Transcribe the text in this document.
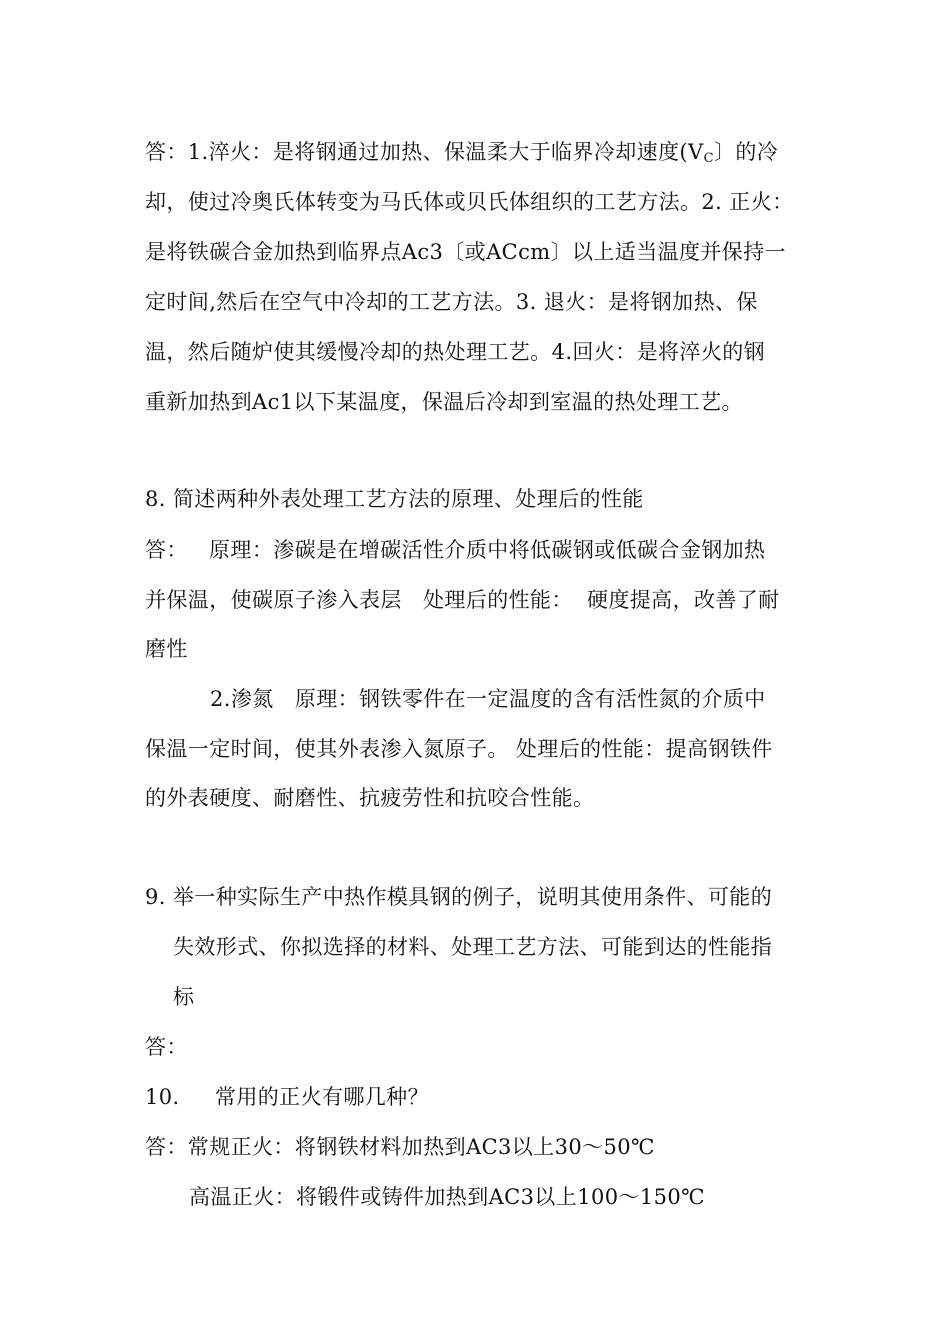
答：1.淬火：是将钢通过加热、保温柔大于临界冷却速度($V_C$〕的冷
却，使过冷奥氏体转变为马氏体或贝氏体组织的工艺方法。2. 正火：
是将铁碳合金加热到临界点Ac3〔或ACcm〕以上适当温度并保持一
定时间,然后在空气中冷却的工艺方法。3. 退火：是将钢加热、保
温，然后随炉使其缓慢冷却的热处理工艺。4.回火：是将淬火的钢
重新加热到Ac1以下某温度，保温后冷却到室温的热处理工艺。
8. 简述两种外表处理工艺方法的原理、处理后的性能
答：   原理：渗碳是在增碳活性介质中将低碳钢或低碳合金钢加热
并保温，使碳原子渗入表层   处理后的性能：  硬度提高，改善了耐
磨性
2.渗氮   原理：钢铁零件在一定温度的含有活性氮的介质中
保温一定时间，使其外表渗入氮原子。 处理后的性能：提高钢铁件
的外表硬度、耐磨性、抗疲劳性和抗咬合性能。
9. 举一种实际生产中热作模具钢的例子，说明其使用条件、可能的
失效形式、你拟选择的材料、处理工艺方法、可能到达的性能指
标
答：
10.     常用的正火有哪几种？
答：常规正火：将钢铁材料加热到AC3以上30～50℃
高温正火：将锻件或铸件加热到AC3以上100～150℃
